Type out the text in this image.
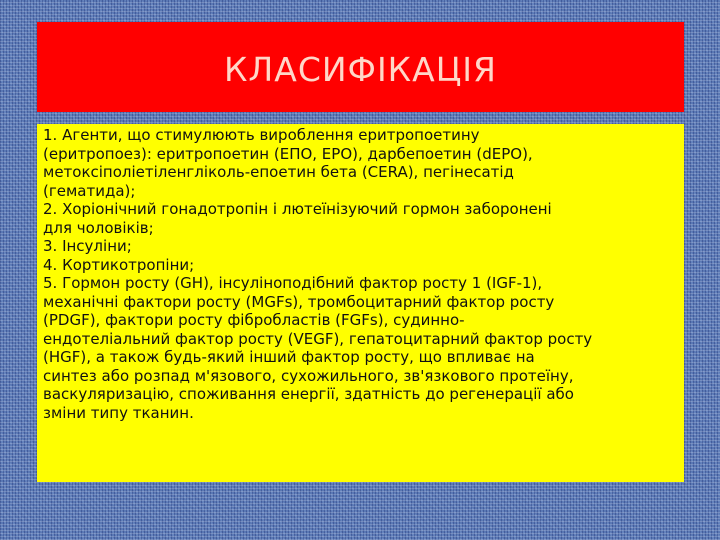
КЛАСИФІКАЦІЯ
1. Агенти, що стимулюють вироблення еритропоетину
(еритропоез): еритропоетин (ЕПО, EPO), дарбепоетин (dEPO),
метоксіполіетіленгліколь-епоетин бета (CERA), пегінесатід
(гематида);
2. Хоріонічний гонадотропін і лютеїнізуючий гормон заборонені
для чоловіків;
3. Інсуліни;
4. Кортикотропіни;
5. Гормон росту (GH), інсуліноподібний фактор росту 1 (IGF-1),
механічні фактори росту (MGFs), тромбоцитарний фактор росту
(PDGF), фактори росту фібробластів (FGFs), судинно-
ендотеліальний фактор росту (VEGF), гепатоцитарний фактор росту
(HGF), а також будь-який інший фактор росту, що впливає на
синтез або розпад м'язового, сухожильного, зв'язкового протеїну,
васкуляризацію, споживання енергії, здатність до регенерації або
зміни типу тканин.
